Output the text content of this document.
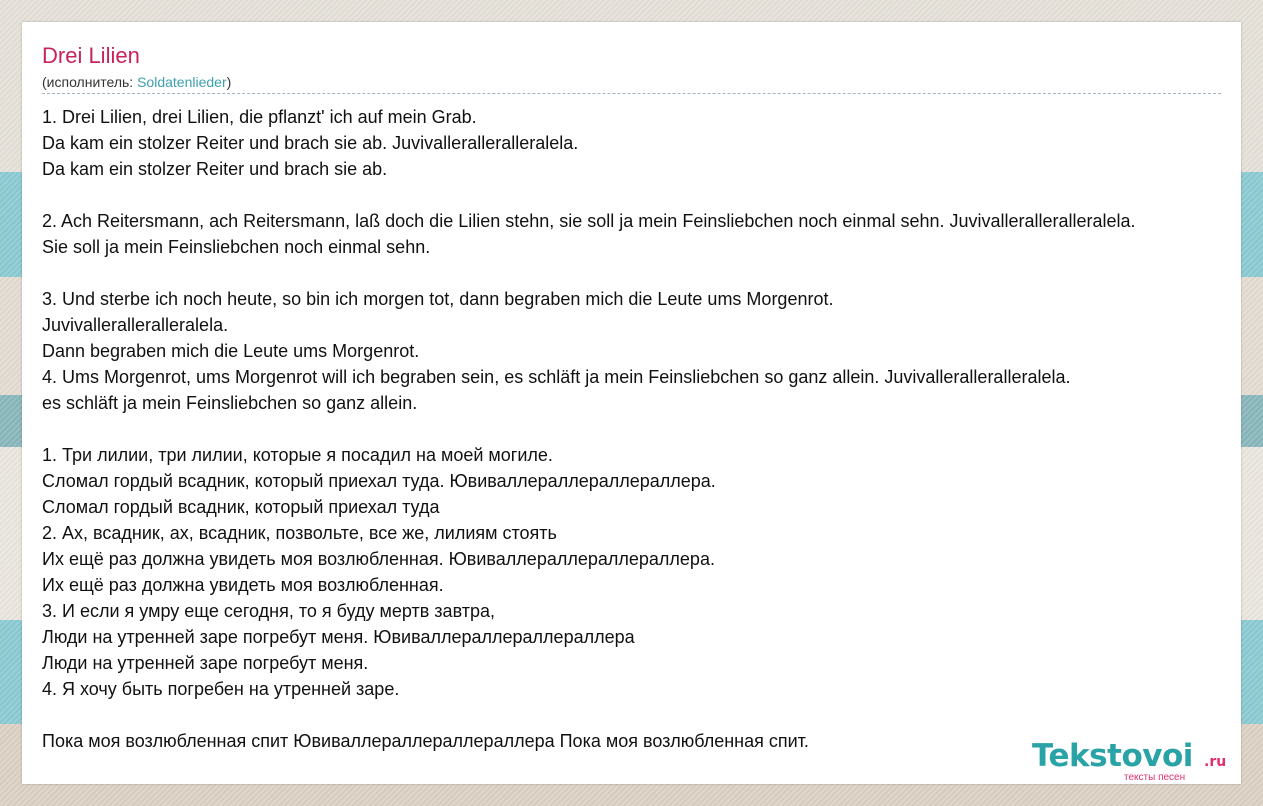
Drei Lilien
(исполнитель: Soldatenlieder)
1. Drei Lilien, drei Lilien, die pflanzt' ich auf mein Grab.
Da kam ein stolzer Reiter und brach sie ab. Juvivalleralleralleralela.
Da kam ein stolzer Reiter und brach sie ab.
2. Ach Reitersmann, ach Reitersmann, laß doch die Lilien stehn, sie soll ja mein Feinsliebchen noch einmal sehn. Juvivalleralleralleralela.
Sie soll ja mein Feinsliebchen noch einmal sehn.
3. Und sterbe ich noch heute, so bin ich morgen tot, dann begraben mich die Leute ums Morgenrot.
Juvivalleralleralleralela.
Dann begraben mich die Leute ums Morgenrot.
4. Ums Morgenrot, ums Morgenrot will ich begraben sein, es schläft ja mein Feinsliebchen so ganz allein. Juvivalleralleralleralela.
es schläft ja mein Feinsliebchen so ganz allein.
1. Три лилии, три лилии, которые я посадил на моей могиле.
Сломал гордый всадник, который приехал туда. Ювиваллераллераллераллера.
Сломал гордый всадник, который приехал туда
2. Ах, всадник, ах, всадник, позвольте, все же, лилиям стоять
Их ещё раз должна увидеть моя возлюбленная. Ювиваллераллераллераллера.
Их ещё раз должна увидеть моя возлюбленная.
3. И если я умру еще сегодня, то я буду мертв завтра,
Люди на утренней заре погребут меня. Ювиваллераллераллераллера
Люди на утренней заре погребут меня.
4. Я хочу быть погребен на утренней заре.
Пока моя возлюбленная спит Ювиваллераллераллераллера Пока моя возлюбленная спит.	Tekstovoi .ru
тексты песен
